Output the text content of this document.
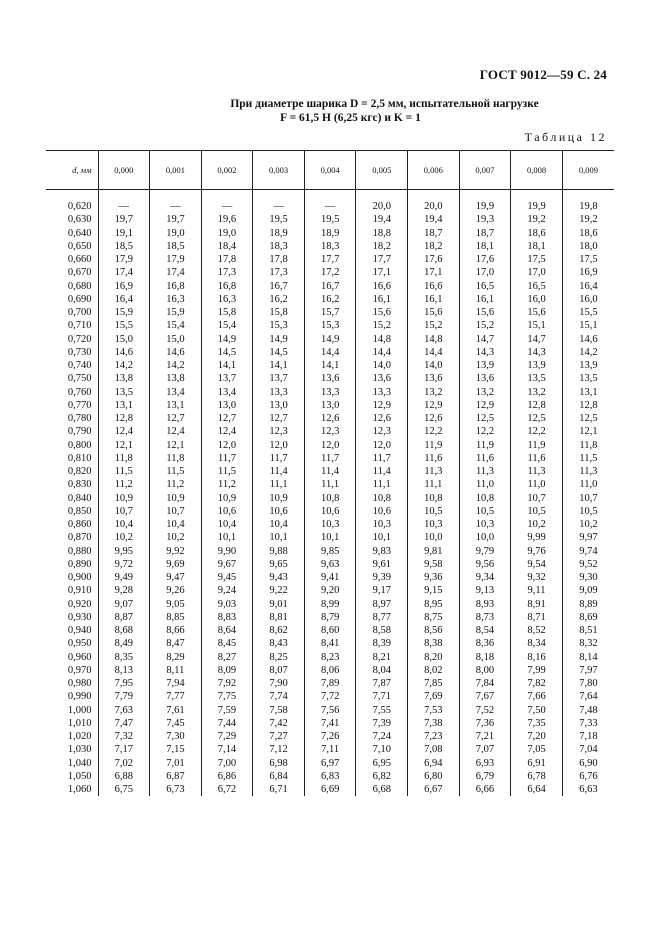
ГОСТ 9012—59 С. 24
При диаметре шарика D = 2,5 мм, испытательной нагрузке
F = 61,5 Н (6,25 кгс) и K = 1
Таблица 12
d, мм	0,000	0,001	0,002	0,003	0,004	0,005	0,006	0,007	0,008	0,009
0,620	—	—	—	—	—	20,0	20,0	19,9	19,9	19,8
0,630	19,7	19,7	19,6	19,5	19,5	19,4	19,4	19,3	19,2	19,2
0,640	19,1	19,0	19,0	18,9	18,9	18,8	18,7	18,7	18,6	18,6
0,650	18,5	18,5	18,4	18,3	18,3	18,2	18,2	18,1	18,1	18,0
0,660	17,9	17,9	17,8	17,8	17,7	17,7	17,6	17,6	17,5	17,5
0,670	17,4	17,4	17,3	17,3	17,2	17,1	17,1	17,0	17,0	16,9
0,680	16,9	16,8	16,8	16,7	16,7	16,6	16,6	16,5	16,5	16,4
0,690	16,4	16,3	16,3	16,2	16,2	16,1	16,1	16,1	16,0	16,0
0,700	15,9	15,9	15,8	15,8	15,7	15,6	15,6	15,6	15,6	15,5
0,710	15,5	15,4	15,4	15,3	15,3	15,2	15,2	15,2	15,1	15,1
0,720	15,0	15,0	14,9	14,9	14,9	14,8	14,8	14,7	14,7	14,6
0,730	14,6	14,6	14,5	14,5	14,4	14,4	14,4	14,3	14,3	14,2
0,740	14,2	14,2	14,1	14,1	14,1	14,0	14,0	13,9	13,9	13,9
0,750	13,8	13,8	13,7	13,7	13,6	13,6	13,6	13,6	13,5	13,5
0,760	13,5	13,4	13,4	13,3	13,3	13,3	13,2	13,2	13,2	13,1
0,770	13,1	13,1	13,0	13,0	13,0	12,9	12,9	12,9	12,8	12,8
0,780	12,8	12,7	12,7	12,7	12,6	12,6	12,6	12,5	12,5	12,5
0,790	12,4	12,4	12,4	12,3	12,3	12,3	12,2	12,2	12,2	12,1
0,800	12,1	12,1	12,0	12,0	12,0	12,0	11,9	11,9	11,9	11,8
0,810	11,8	11,8	11,7	11,7	11,7	11,7	11,6	11,6	11,6	11,5
0,820	11,5	11,5	11,5	11,4	11,4	11,4	11,3	11,3	11,3	11,3
0,830	11,2	11,2	11,2	11,1	11,1	11,1	11,1	11,0	11,0	11,0
0,840	10,9	10,9	10,9	10,9	10,8	10,8	10,8	10,8	10,7	10,7
0,850	10,7	10,7	10,6	10,6	10,6	10,6	10,5	10,5	10,5	10,5
0,860	10,4	10,4	10,4	10,4	10,3	10,3	10,3	10,3	10,2	10,2
0,870	10,2	10,2	10,1	10,1	10,1	10,1	10,0	10,0	9,99	9,97
0,880	9,95	9,92	9,90	9,88	9,85	9,83	9,81	9,79	9,76	9,74
0,890	9,72	9,69	9,67	9,65	9,63	9,61	9,58	9,56	9,54	9,52
0,900	9,49	9,47	9,45	9,43	9,41	9,39	9,36	9,34	9,32	9,30
0,910	9,28	9,26	9,24	9,22	9,20	9,17	9,15	9,13	9,11	9,09
0,920	9,07	9,05	9,03	9,01	8,99	8,97	8,95	8,93	8,91	8,89
0,930	8,87	8,85	8,83	8,81	8,79	8,77	8,75	8,73	8,71	8,69
0,940	8,68	8,66	8,64	8,62	8,60	8,58	8,56	8,54	8,52	8,51
0,950	8,49	8,47	8,45	8,43	8,41	8,39	8,38	8,36	8,34	8,32
0,960	8,35	8,29	8,27	8,25	8,23	8,21	8,20	8,18	8,16	8,14
0,970	8,13	8,11	8,09	8,07	8,06	8,04	8,02	8,00	7,99	7,97
0,980	7,95	7,94	7,92	7,90	7,89	7,87	7,85	7,84	7,82	7,80
0,990	7,79	7,77	7,75	7,74	7,72	7,71	7,69	7,67	7,66	7,64
1,000	7,63	7,61	7,59	7,58	7,56	7,55	7,53	7,52	7,50	7,48
1,010	7,47	7,45	7,44	7,42	7,41	7,39	7,38	7,36	7,35	7,33
1,020	7,32	7,30	7,29	7,27	7,26	7,24	7,23	7,21	7,20	7,18
1,030	7,17	7,15	7,14	7,12	7,11	7,10	7,08	7,07	7,05	7,04
1,040	7,02	7,01	7,00	6,98	6,97	6,95	6,94	6,93	6,91	6,90
1,050	6,88	6,87	6,86	6,84	6,83	6,82	6,80	6,79	6,78	6,76
1,060	6,75	6,73	6,72	6,71	6,69	6,68	6,67	6,66	6,64	6,63
